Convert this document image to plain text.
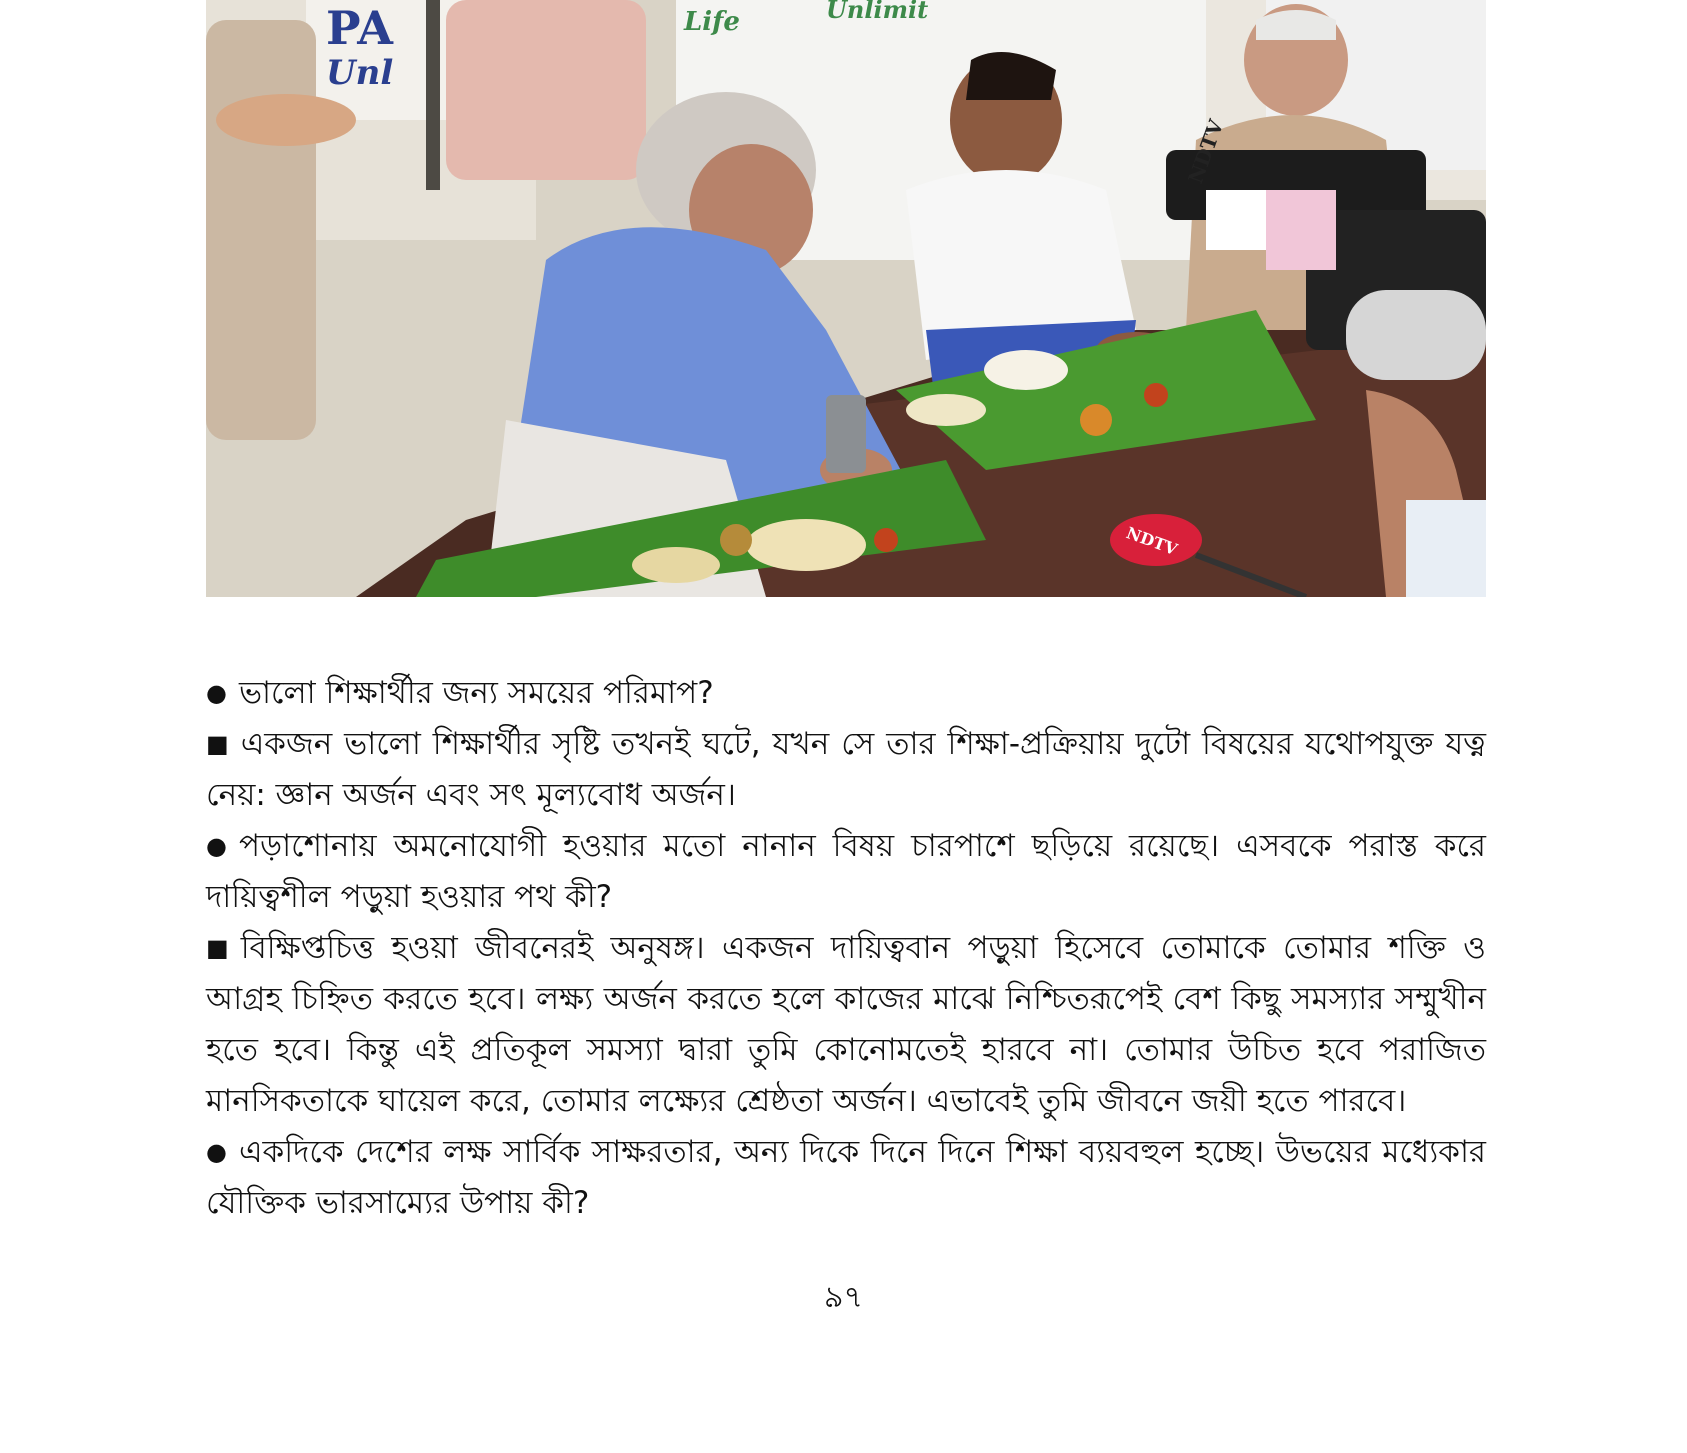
PA
Unl
Life	Unlimit
NDTV
NDTV

● ভালো শিক্ষার্থীর জন্য সময়ের পরিমাপ?

■ একজন ভালো শিক্ষার্থীর সৃষ্টি তখনই ঘটে, যখন সে তার শিক্ষা-প্রক্রিয়ায় দুটো বিষয়ের যথোপযুক্ত যত্ন নেয়: জ্ঞান অর্জন এবং সৎ মূল্যবোধ অর্জন।

● পড়াশোনায় অমনোযোগী হওয়ার মতো নানান বিষয় চারপাশে ছড়িয়ে রয়েছে। এসবকে পরাস্ত করে দায়িত্বশীল পড়ুয়া হওয়ার পথ কী?

■ বিক্ষিপ্তচিত্ত হওয়া জীবনেরই অনুষঙ্গ। একজন দায়িত্ববান পড়ুয়া হিসেবে তোমাকে তোমার শক্তি ও আগ্রহ চিহ্নিত করতে হবে। লক্ষ্য অর্জন করতে হলে কাজের মাঝে নিশ্চিতরূপেই বেশ কিছু সমস্যার সম্মুখীন হতে হবে। কিন্তু এই প্রতিকূল সমস্যা দ্বারা তুমি কোনোমতেই হারবে না। তোমার উচিত হবে পরাজিত মানসিকতাকে ঘায়েল করে, তোমার লক্ষ্যের শ্রেষ্ঠতা অর্জন। এভাবেই তুমি জীবনে জয়ী হতে পারবে।

● একদিকে দেশের লক্ষ সার্বিক সাক্ষরতার, অন্য দিকে দিনে দিনে শিক্ষা ব্যয়বহুল হচ্ছে। উভয়ের মধ্যেকার যৌক্তিক ভারসাম্যের উপায় কী?

৯৭
